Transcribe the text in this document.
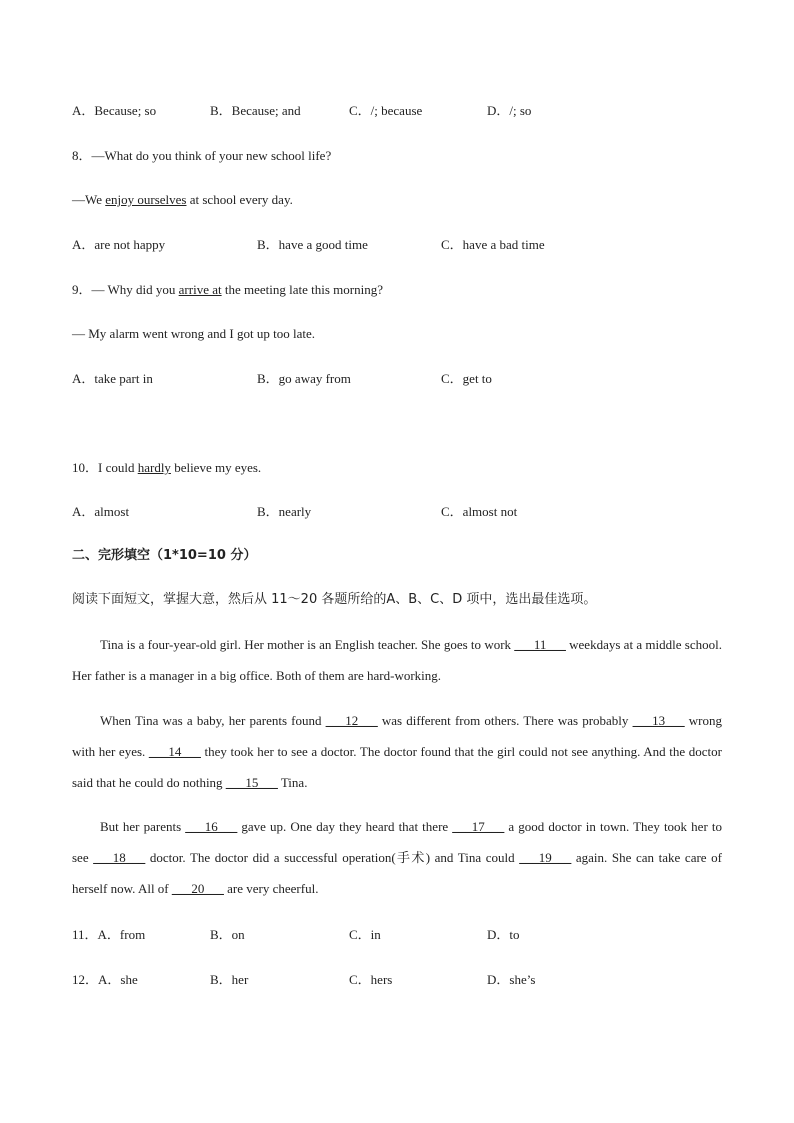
A．Because; so	B．Because; and	C．/; because	D．/; so
8．—What do you think of your new school life?
—We enjoy ourselves at school every day.
A．are not happy	B．have a good time	C．have a bad time
9．— Why did you arrive at the meeting late this morning?
— My alarm went wrong and I got up too late.
A．take part in	B．go away from	C．get to
10．I could hardly believe my eyes.
A．almost	B．nearly	C．almost not
二、完形填空（1*10=10 分）
阅读下面短文，掌握大意，然后从 11～20 各题所给的A、B、C、D 项中，选出最佳选项。
Tina is a four-year-old girl. Her mother is an English teacher. She goes to work ___11___ weekdays at a middle school. Her father is a manager in a big office. Both of them are hard-working.
When Tina was a baby, her parents found ___12___ was different from others. There was probably ___13___ wrong with her eyes. ___14___ they took her to see a doctor. The doctor found that the girl could not see anything. And the doctor said that he could do nothing ___15___ Tina.
But her parents ___16___ gave up. One day they heard that there ___17___ a good doctor in town. They took her to see ___18___ doctor. The doctor did a successful operation(手术) and Tina could ___19___ again. She can take care of herself now. All of ___20___ are very cheerful.
11．A．from	B．on	C．in	D．to
12．A．she	B．her	C．hers	D．she’s
